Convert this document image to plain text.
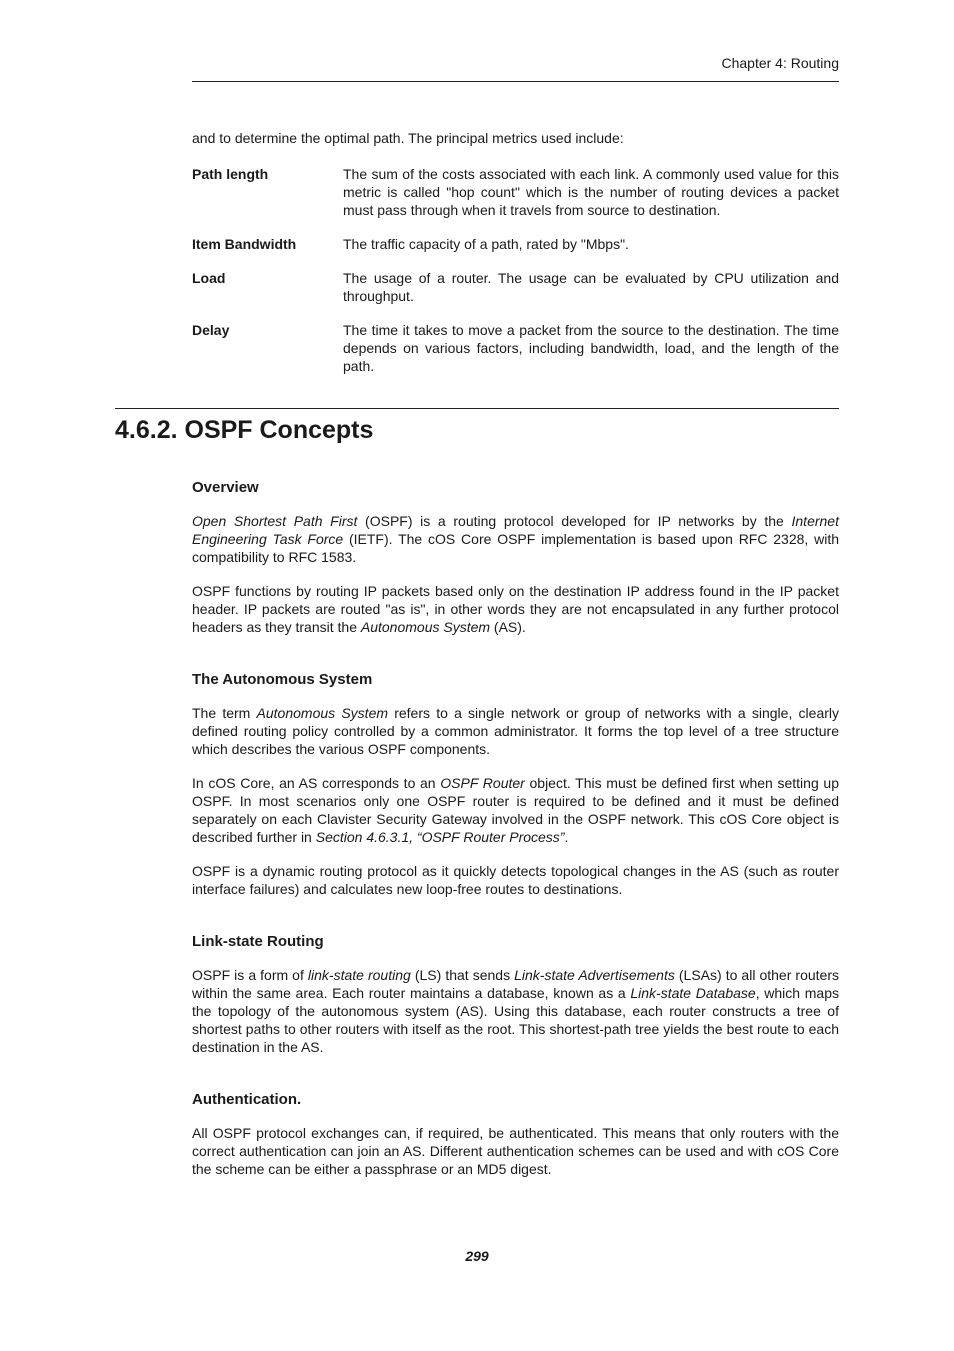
Chapter 4: Routing
and to determine the optimal path. The principal metrics used include:
Path length	The sum of the costs associated with each link. A commonly used value for this metric is called "hop count" which is the number of routing devices a packet must pass through when it travels from source to destination.
Item Bandwidth	The traffic capacity of a path, rated by "Mbps".
Load	The usage of a router. The usage can be evaluated by CPU utilization and throughput.
Delay	The time it takes to move a packet from the source to the destination. The time depends on various factors, including bandwidth, load, and the length of the path.
4.6.2. OSPF Concepts
Overview

Open Shortest Path First (OSPF) is a routing protocol developed for IP networks by the Internet Engineering Task Force (IETF). The cOS Core OSPF implementation is based upon RFC 2328, with compatibility to RFC 1583.

OSPF functions by routing IP packets based only on the destination IP address found in the IP packet header. IP packets are routed "as is", in other words they are not encapsulated in any further protocol headers as they transit the Autonomous System (AS).

The Autonomous System

The term Autonomous System refers to a single network or group of networks with a single, clearly defined routing policy controlled by a common administrator. It forms the top level of a tree structure which describes the various OSPF components.

In cOS Core, an AS corresponds to an OSPF Router object. This must be defined first when setting up OSPF. In most scenarios only one OSPF router is required to be defined and it must be defined separately on each Clavister Security Gateway involved in the OSPF network. This cOS Core object is described further in Section 4.6.3.1, “OSPF Router Process”.

OSPF is a dynamic routing protocol as it quickly detects topological changes in the AS (such as router interface failures) and calculates new loop-free routes to destinations.

Link-state Routing

OSPF is a form of link-state routing (LS) that sends Link-state Advertisements (LSAs) to all other routers within the same area. Each router maintains a database, known as a Link-state Database, which maps the topology of the autonomous system (AS). Using this database, each router constructs a tree of shortest paths to other routers with itself as the root. This shortest-path tree yields the best route to each destination in the AS.

Authentication.

All OSPF protocol exchanges can, if required, be authenticated. This means that only routers with the correct authentication can join an AS. Different authentication schemes can be used and with cOS Core the scheme can be either a passphrase or an MD5 digest.

299
